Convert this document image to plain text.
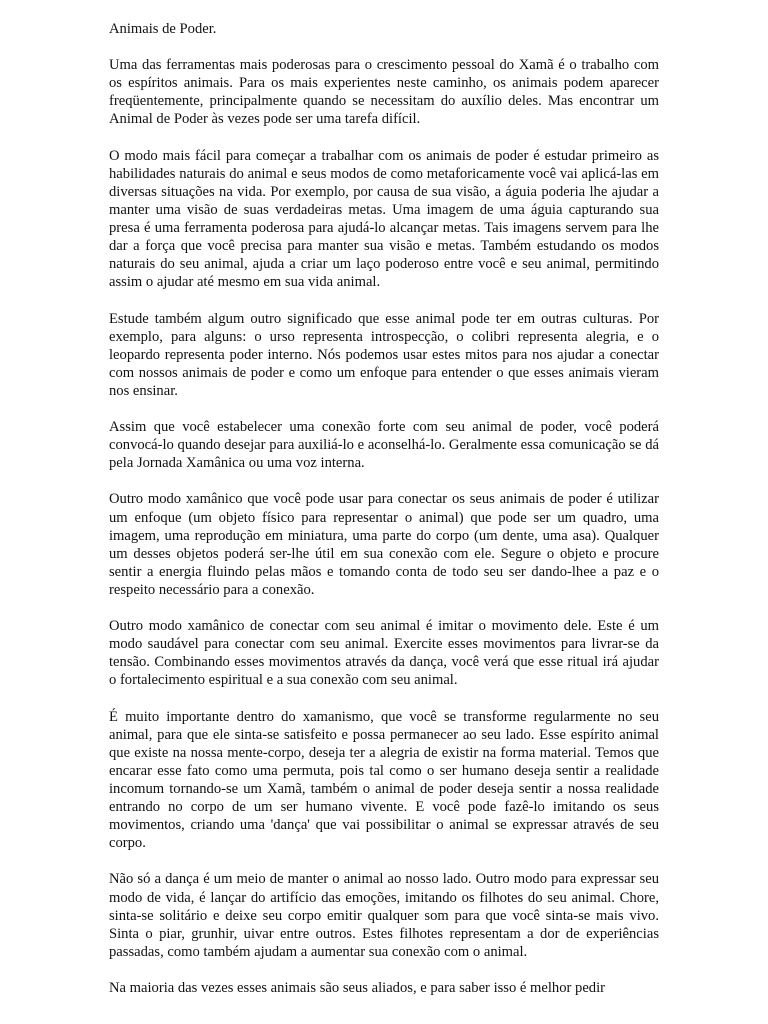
Animais de Poder.

Uma das ferramentas mais poderosas para o crescimento pessoal do Xamã é o trabalho com os espíritos animais. Para os mais experientes neste caminho, os animais podem aparecer freqüentemente, principalmente quando se necessitam do auxílio deles. Mas encontrar um Animal de Poder às vezes pode ser uma tarefa difícil.

O modo mais fácil para começar a trabalhar com os animais de poder é estudar primeiro as habilidades naturais do animal e seus modos de como metaforicamente você vai aplicá-las em diversas situações na vida. Por exemplo, por causa de sua visão, a águia poderia lhe ajudar a manter uma visão de suas verdadeiras metas. Uma imagem de uma águia capturando sua presa é uma ferramenta poderosa para ajudá-lo alcançar metas. Tais imagens servem para lhe dar a força que você precisa para manter sua visão e metas. Também estudando os modos naturais do seu animal, ajuda a criar um laço poderoso entre você e seu animal, permitindo assim o ajudar até mesmo em sua vida animal.

Estude também algum outro significado que esse animal pode ter em outras culturas. Por exemplo, para alguns: o urso representa introspecção, o colibri representa alegria, e o leopardo representa poder interno. Nós podemos usar estes mitos para nos ajudar a conectar com nossos animais de poder e como um enfoque para entender o que esses animais vieram nos ensinar.

Assim que você estabelecer uma conexão forte com seu animal de poder, você poderá convocá-lo quando desejar para auxiliá-lo e aconselhá-lo. Geralmente essa comunicação se dá pela Jornada Xamânica ou uma voz interna.

Outro modo xamânico que você pode usar para conectar os seus animais de poder é utilizar um enfoque (um objeto físico para representar o animal) que pode ser um quadro, uma imagem, uma reprodução em miniatura, uma parte do corpo (um dente, uma asa). Qualquer um desses objetos poderá ser-lhe útil em sua conexão com ele. Segure o objeto e procure sentir a energia fluindo pelas mãos e tomando conta de todo seu ser dando-lhee a paz e o respeito necessário para a conexão.

Outro modo xamânico de conectar com seu animal é imitar o movimento dele. Este é um modo saudável para conectar com seu animal. Exercite esses movimentos para livrar-se da tensão. Combinando esses movimentos através da dança, você verá que esse ritual irá ajudar o fortalecimento espiritual e a sua conexão com seu animal.

É muito importante dentro do xamanismo, que você se transforme regularmente no seu animal, para que ele sinta-se satisfeito e possa permanecer ao seu lado. Esse espírito animal que existe na nossa mente-corpo, deseja ter a alegria de existir na forma material. Temos que encarar esse fato como uma permuta, pois tal como o ser humano deseja sentir a realidade incomum tornando-se um Xamã, também o animal de poder deseja sentir a nossa realidade entrando no corpo de um ser humano vivente. E você pode fazê-lo imitando os seus movimentos, criando uma 'dança' que vai possibilitar o animal se expressar através de seu corpo.

Não só a dança é um meio de manter o animal ao nosso lado. Outro modo para expressar seu modo de vida, é lançar do artifício das emoções, imitando os filhotes do seu animal. Chore, sinta-se solitário e deixe seu corpo emitir qualquer som para que você sinta-se mais vivo. Sinta o piar, grunhir, uivar entre outros. Estes filhotes representam a dor de experiências passadas, como também ajudam a aumentar sua conexão com o animal.

Na maioria das vezes esses animais são seus aliados, e para saber isso é melhor pedir
